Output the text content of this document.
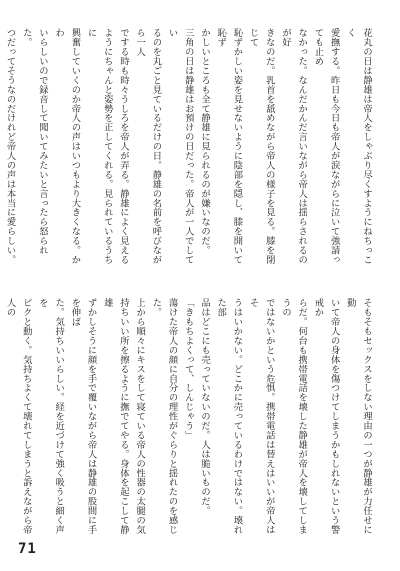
花丸の日は静雄は帝人をしゃぶり尽くすようにねちっこく

愛撫する。昨日も今日も帝人が涙ながらに泣いて強請っても止め

なかった。なんだかんだ言いながら帝人は揺らされるのが好

きなのだ。乳首を舐めながら帝人の様子を見る。膝を閉じて

恥ずかしい姿を見せないように陰部を隠し、膝を開いて恥ず

かしいところも全て静雄に見られるのが嫌いなのだ。

三角の日は静雄はお預けの日だった。帝人が一人でしてい

るのを丸ごと見ているだけの日。静雄の名前を呼びながら一人

でする時も時々うしろを帝人が弄る。静雄によく見える

ようにちゃんと姿勢を正してくれる。見られているうちに

興奮していくのか帝人の声はいつもより大きくなる。かわ

いらしいので録音して聞いてみたいと言ったら怒られた。

つだってそうなのだけれど帝人の声は本当に愛らしい。

そもそもセックスをしない理由の一つが静雄が力任せに動

いて帝人の身体を傷つけてしまうかもしれないという警戒か

らだ。何台も携帯電話を壊した静雄が帝人を壊してしまうの

ではないかという危惧。携帯電話は替えはいいが帝人はそ

うはいかない。どこかに売っているわけではない。壊れた部

品はどこにも売っていないのだ。人は脆いものだ。

「きもちよくって、しんじゃう」

蕩けた帝人の顔に自分の理性がぐらりと揺れたのを感じた。

上から順々にキスをして寝ている帝人の性器の太腿の気

持ちいい所を擦るように撫でてやる。身体を起こして静雄

ずかしそうに顔を手で覆いながら帝人は静雄の股間に手を伸ば

た。気持ちいいらしい。経を近づけて強く吸うと細く声を

ピクと動く。気持ちよくて壊れてしまうと訴えながら帝人の

71
